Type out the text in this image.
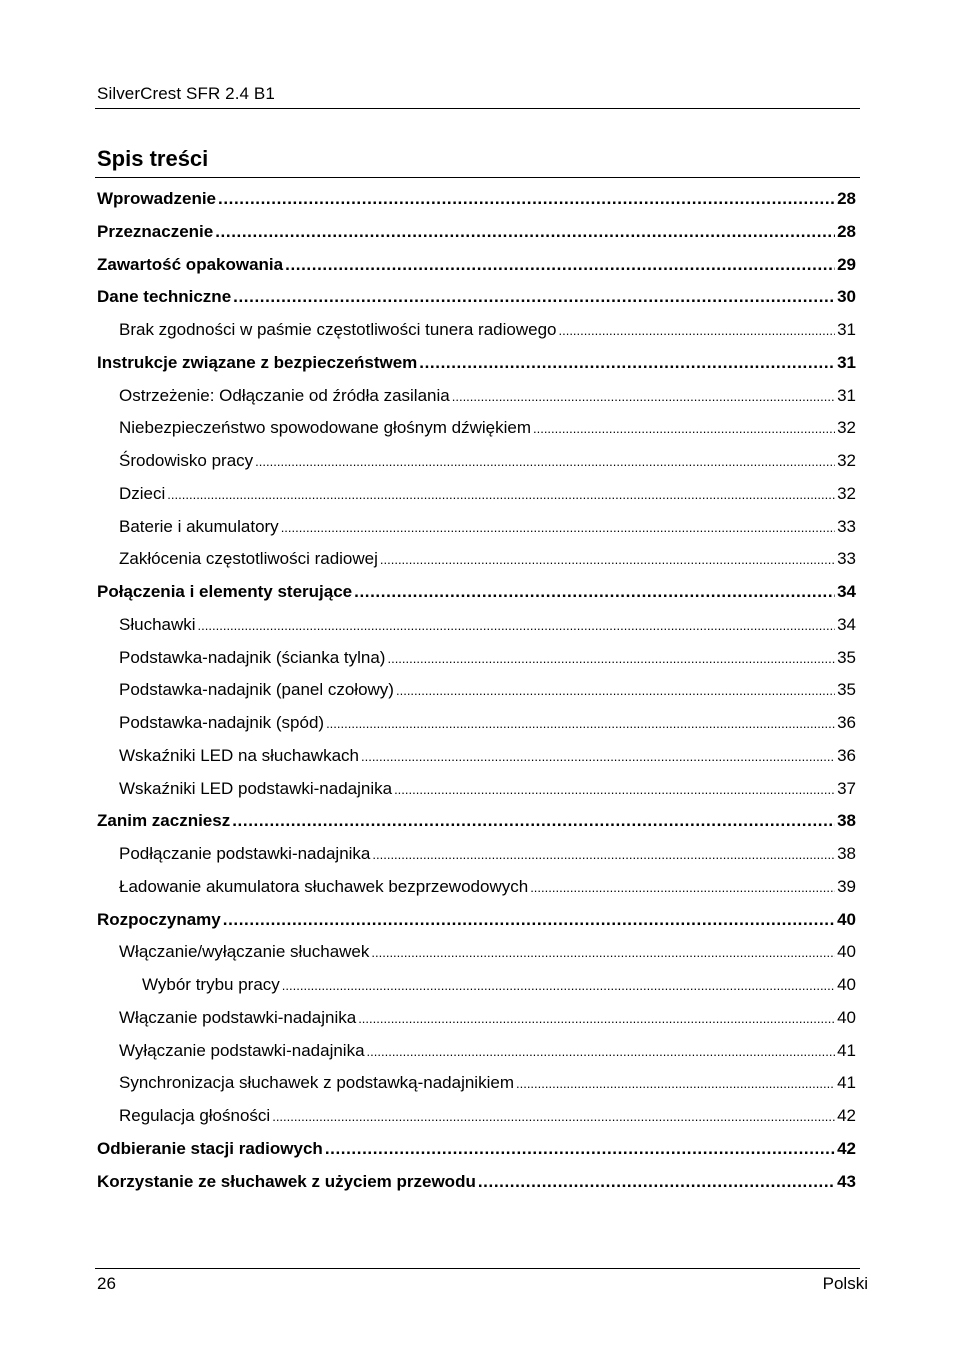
SilverCrest SFR 2.4 B1
Spis treści
Wprowadzenie .....	28
Przeznaczenie .....	28
Zawartość opakowania .....	29
Dane techniczne .....	30
Brak zgodności w paśmie częstotliwości tunera radiowego .....	31
Instrukcje związane z bezpieczeństwem .....	31
Ostrzeżenie: Odłączanie od źródła zasilania .....	31
Niebezpieczeństwo spowodowane głośnym dźwiękiem .....	32
Środowisko pracy .....	32
Dzieci .....	32
Baterie i akumulatory .....	33
Zakłócenia częstotliwości radiowej .....	33
Połączenia i elementy sterujące .....	34
Słuchawki .....	34
Podstawka-nadajnik (ścianka tylna) .....	35
Podstawka-nadajnik (panel czołowy) .....	35
Podstawka-nadajnik (spód) .....	36
Wskaźniki LED na słuchawkach .....	36
Wskaźniki LED podstawki-nadajnika .....	37
Zanim zaczniesz .....	38
Podłączanie podstawki-nadajnika .....	38
Ładowanie akumulatora słuchawek bezprzewodowych .....	39
Rozpoczynamy .....	40
Włączanie/wyłączanie słuchawek .....	40
Wybór trybu pracy .....	40
Włączanie podstawki-nadajnika .....	40
Wyłączanie podstawki-nadajnika .....	41
Synchronizacja słuchawek z podstawką-nadajnikiem .....	41
Regulacja głośności .....	42
Odbieranie stacji radiowych .....	42
Korzystanie ze słuchawek z użyciem przewodu .....	43
26	Polski
